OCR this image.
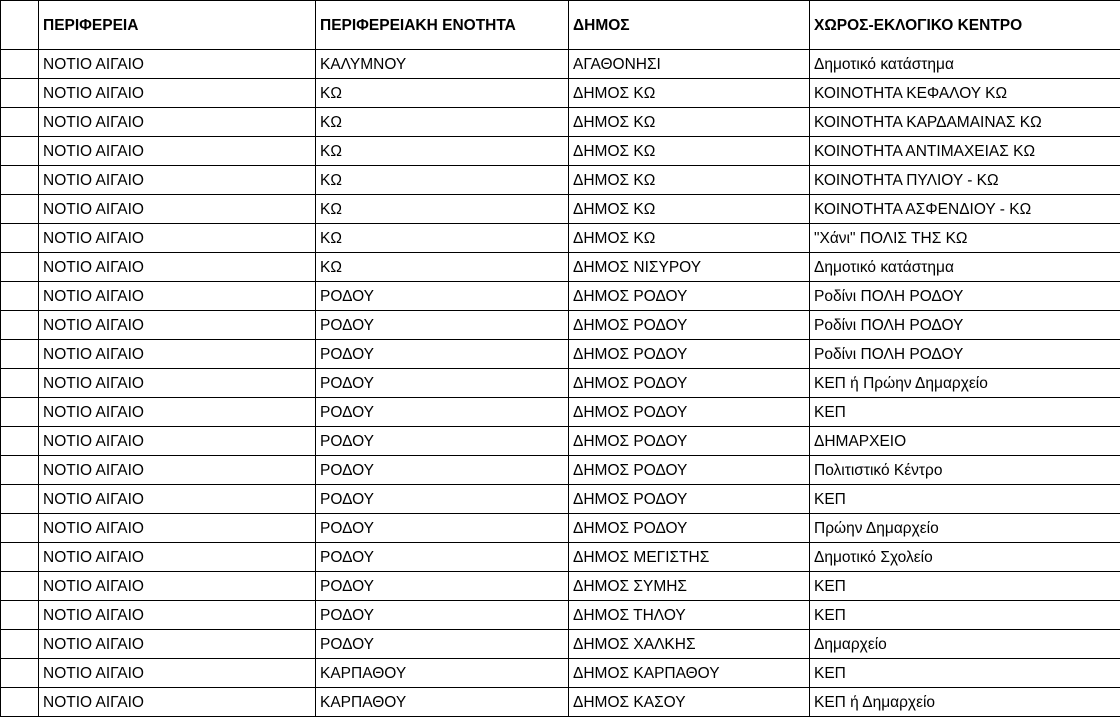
	ΠΕΡΙΦΕΡΕΙΑ	ΠΕΡΙΦΕΡΕΙΑΚΗ ΕΝΟΤΗΤΑ	ΔΗΜΟΣ	ΧΩΡΟΣ-ΕΚΛΟΓΙΚΟ ΚΕΝΤΡΟ
	ΝΟΤΙΟ ΑΙΓΑΙΟ	ΚΑΛΥΜΝΟΥ	ΑΓΑΘΟΝΗΣΙ	Δημοτικό κατάστημα
	ΝΟΤΙΟ ΑΙΓΑΙΟ	ΚΩ	ΔΗΜΟΣ ΚΩ	ΚΟΙΝΟΤΗΤΑ ΚΕΦΑΛΟΥ ΚΩ
	ΝΟΤΙΟ ΑΙΓΑΙΟ	ΚΩ	ΔΗΜΟΣ ΚΩ	ΚΟΙΝΟΤΗΤΑ ΚΑΡΔΑΜΑΙΝΑΣ ΚΩ
	ΝΟΤΙΟ ΑΙΓΑΙΟ	ΚΩ	ΔΗΜΟΣ ΚΩ	ΚΟΙΝΟΤΗΤΑ ΑΝΤΙΜΑΧΕΙΑΣ ΚΩ
	ΝΟΤΙΟ ΑΙΓΑΙΟ	ΚΩ	ΔΗΜΟΣ ΚΩ	ΚΟΙΝΟΤΗΤΑ ΠΥΛΙΟΥ - ΚΩ
	ΝΟΤΙΟ ΑΙΓΑΙΟ	ΚΩ	ΔΗΜΟΣ ΚΩ	ΚΟΙΝΟΤΗΤΑ ΑΣΦΕΝΔΙΟΥ - ΚΩ
	ΝΟΤΙΟ ΑΙΓΑΙΟ	ΚΩ	ΔΗΜΟΣ ΚΩ	"Χάνι" ΠΟΛΙΣ ΤΗΣ ΚΩ
	ΝΟΤΙΟ ΑΙΓΑΙΟ	ΚΩ	ΔΗΜΟΣ ΝΙΣΥΡΟΥ	Δημοτικό κατάστημα
	ΝΟΤΙΟ ΑΙΓΑΙΟ	ΡΟΔΟΥ	ΔΗΜΟΣ ΡΟΔΟΥ	Ροδίνι ΠΟΛΗ ΡΟΔΟΥ
	ΝΟΤΙΟ ΑΙΓΑΙΟ	ΡΟΔΟΥ	ΔΗΜΟΣ ΡΟΔΟΥ	Ροδίνι ΠΟΛΗ ΡΟΔΟΥ
	ΝΟΤΙΟ ΑΙΓΑΙΟ	ΡΟΔΟΥ	ΔΗΜΟΣ ΡΟΔΟΥ	Ροδίνι ΠΟΛΗ ΡΟΔΟΥ
	ΝΟΤΙΟ ΑΙΓΑΙΟ	ΡΟΔΟΥ	ΔΗΜΟΣ ΡΟΔΟΥ	ΚΕΠ ή Πρώην Δημαρχείο
	ΝΟΤΙΟ ΑΙΓΑΙΟ	ΡΟΔΟΥ	ΔΗΜΟΣ ΡΟΔΟΥ	ΚΕΠ
	ΝΟΤΙΟ ΑΙΓΑΙΟ	ΡΟΔΟΥ	ΔΗΜΟΣ ΡΟΔΟΥ	ΔΗΜΑΡΧΕΙΟ
	ΝΟΤΙΟ ΑΙΓΑΙΟ	ΡΟΔΟΥ	ΔΗΜΟΣ ΡΟΔΟΥ	Πολιτιστικό Κέντρο
	ΝΟΤΙΟ ΑΙΓΑΙΟ	ΡΟΔΟΥ	ΔΗΜΟΣ ΡΟΔΟΥ	ΚΕΠ
	ΝΟΤΙΟ ΑΙΓΑΙΟ	ΡΟΔΟΥ	ΔΗΜΟΣ ΡΟΔΟΥ	Πρώην Δημαρχείο
	ΝΟΤΙΟ ΑΙΓΑΙΟ	ΡΟΔΟΥ	ΔΗΜΟΣ ΜΕΓΙΣΤΗΣ	Δημοτικό Σχολείο
	ΝΟΤΙΟ ΑΙΓΑΙΟ	ΡΟΔΟΥ	ΔΗΜΟΣ ΣΥΜΗΣ	ΚΕΠ
	ΝΟΤΙΟ ΑΙΓΑΙΟ	ΡΟΔΟΥ	ΔΗΜΟΣ ΤΗΛΟΥ	ΚΕΠ
	ΝΟΤΙΟ ΑΙΓΑΙΟ	ΡΟΔΟΥ	ΔΗΜΟΣ ΧΑΛΚΗΣ	Δημαρχείο
	ΝΟΤΙΟ ΑΙΓΑΙΟ	ΚΑΡΠΑΘΟΥ	ΔΗΜΟΣ ΚΑΡΠΑΘΟΥ	ΚΕΠ
	ΝΟΤΙΟ ΑΙΓΑΙΟ	ΚΑΡΠΑΘΟΥ	ΔΗΜΟΣ ΚΑΣΟΥ	ΚΕΠ ή Δημαρχείο
